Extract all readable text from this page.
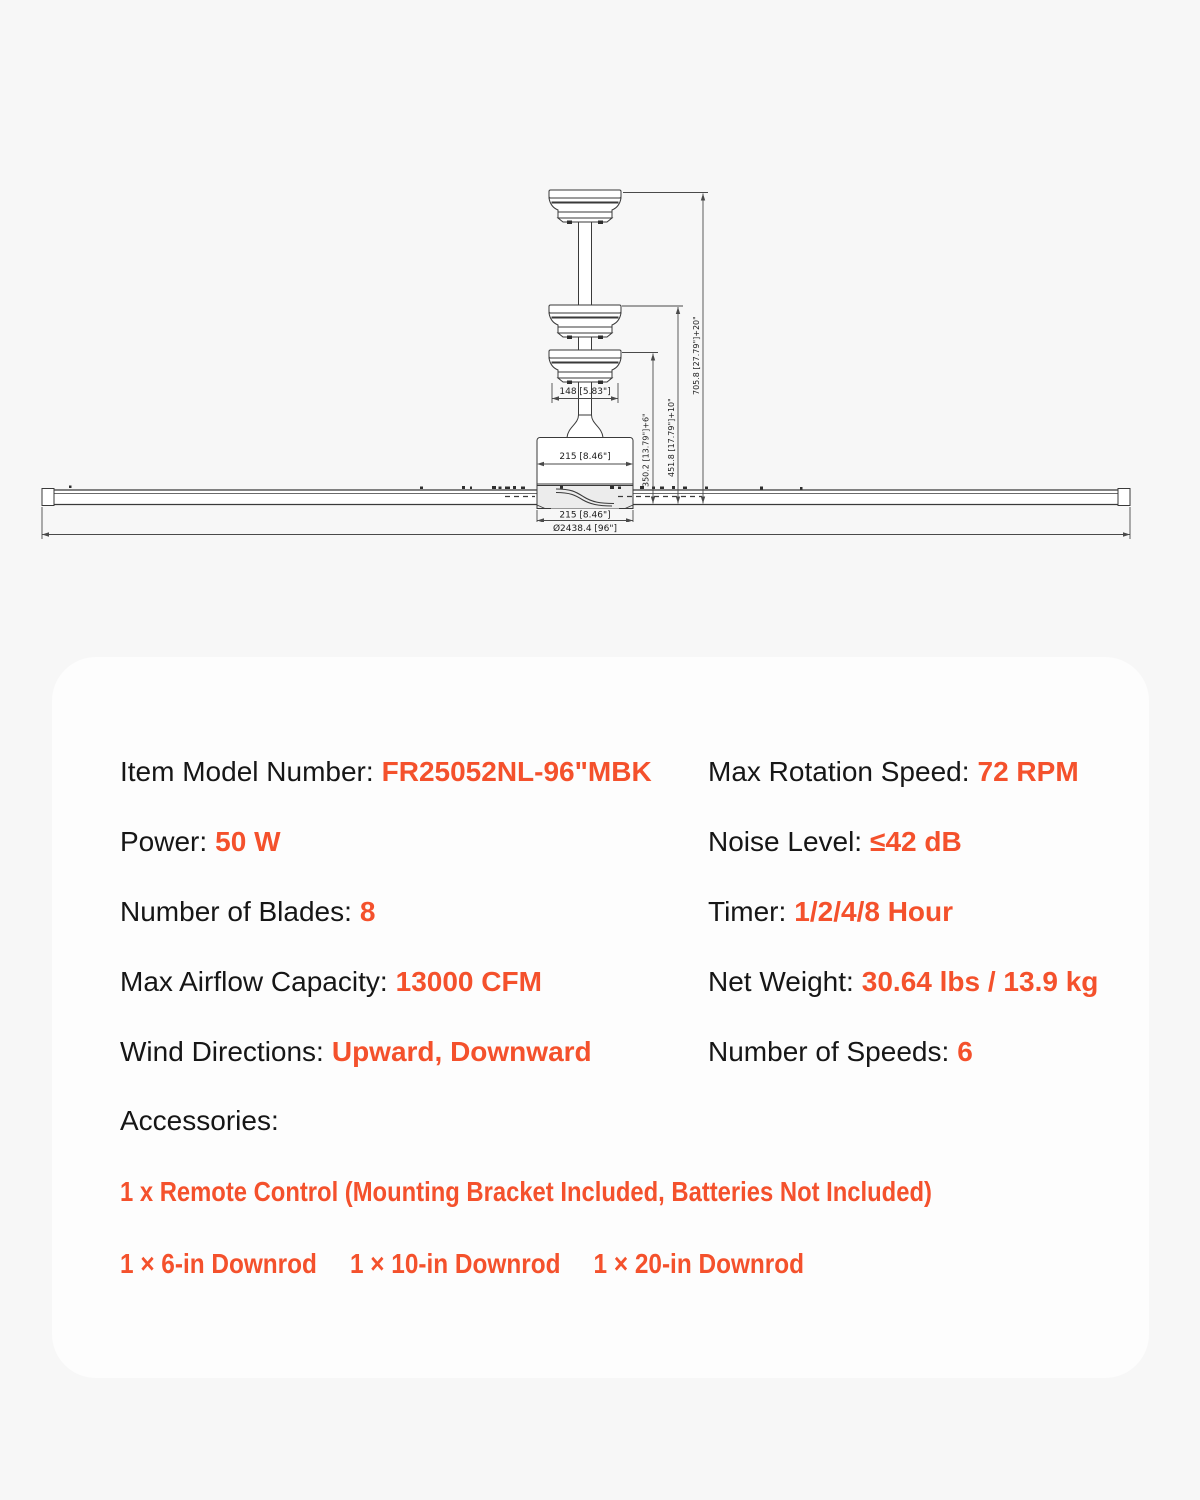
148 [5.83"]
215 [8.46"]
215 [8.46"]
Ø2438.4 [96"]
350.2 [13.79"]+6" 451.8 [17.79"]+10"
705.8 [27.79"]+20"
Item Model Number: FR25052NL-96"MBK Max Rotation Speed: 72 RPM
Power: 50 W	Noise Level: ≤42 dB
Number of Blades: 8	Timer: 1/2/4/8 Hour
Max Airflow Capacity: 13000 CFM	Net Weight: 30.64 lbs / 13.9 kg
Wind Directions: Upward, Downward	Number of Speeds: 6
Accessories:
1 x Remote Control (Mounting Bracket Included, Batteries Not Included)
1 × 6-in Downrod 1 × 10-in Downrod 1 × 20-in Downrod
